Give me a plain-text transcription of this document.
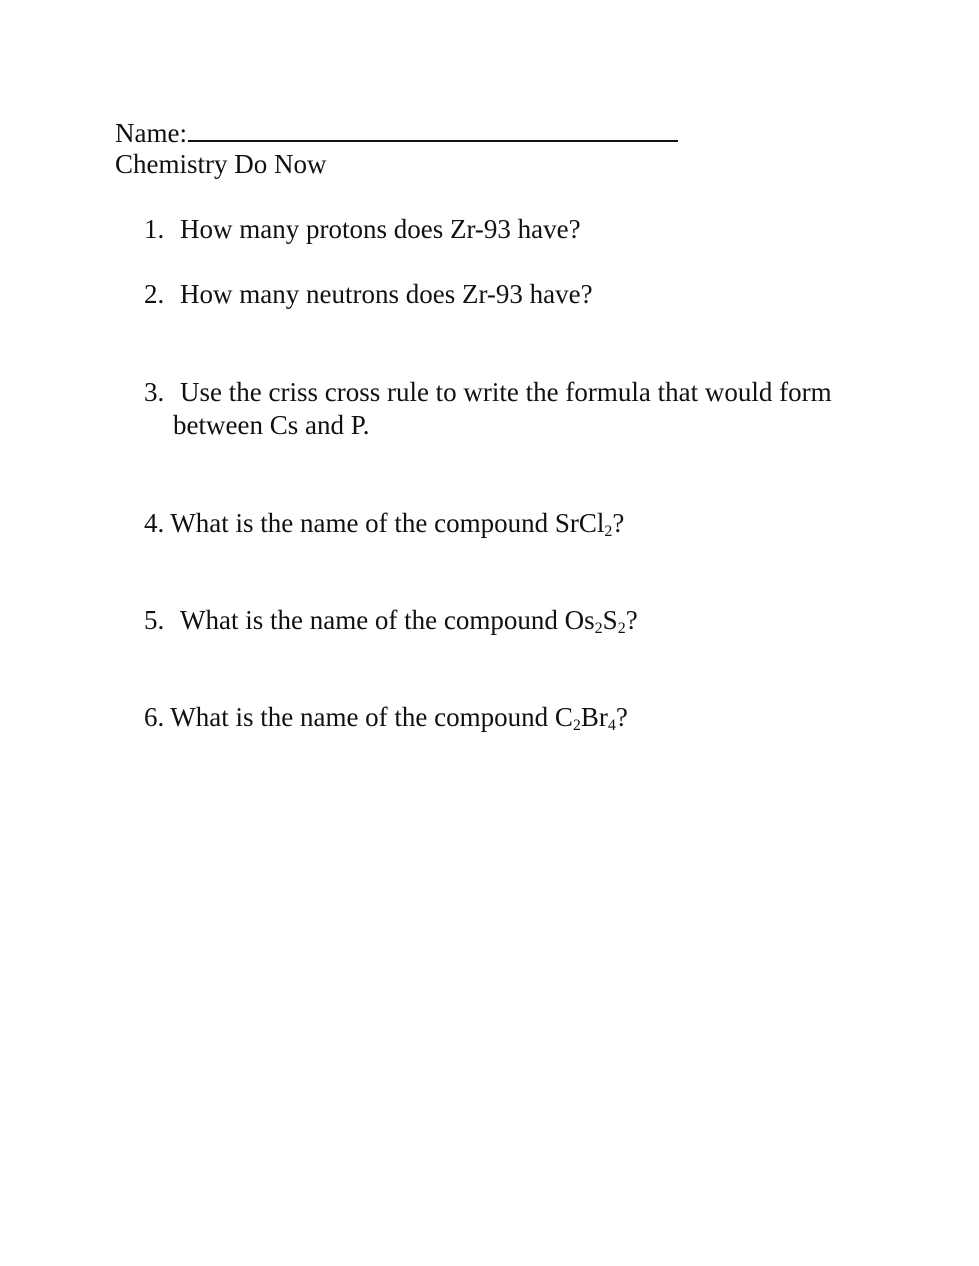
Name:
Chemistry Do Now
1. How many protons does Zr-93 have?
2. How many neutrons does Zr-93 have?
3. Use the criss cross rule to write the formula that would form
between Cs and P.
4. What is the name of the compound SrCl$_2$?
5. What is the name of the compound $Os_2S_2$?
6. What is the name of the compound $C_2Br_4$?
